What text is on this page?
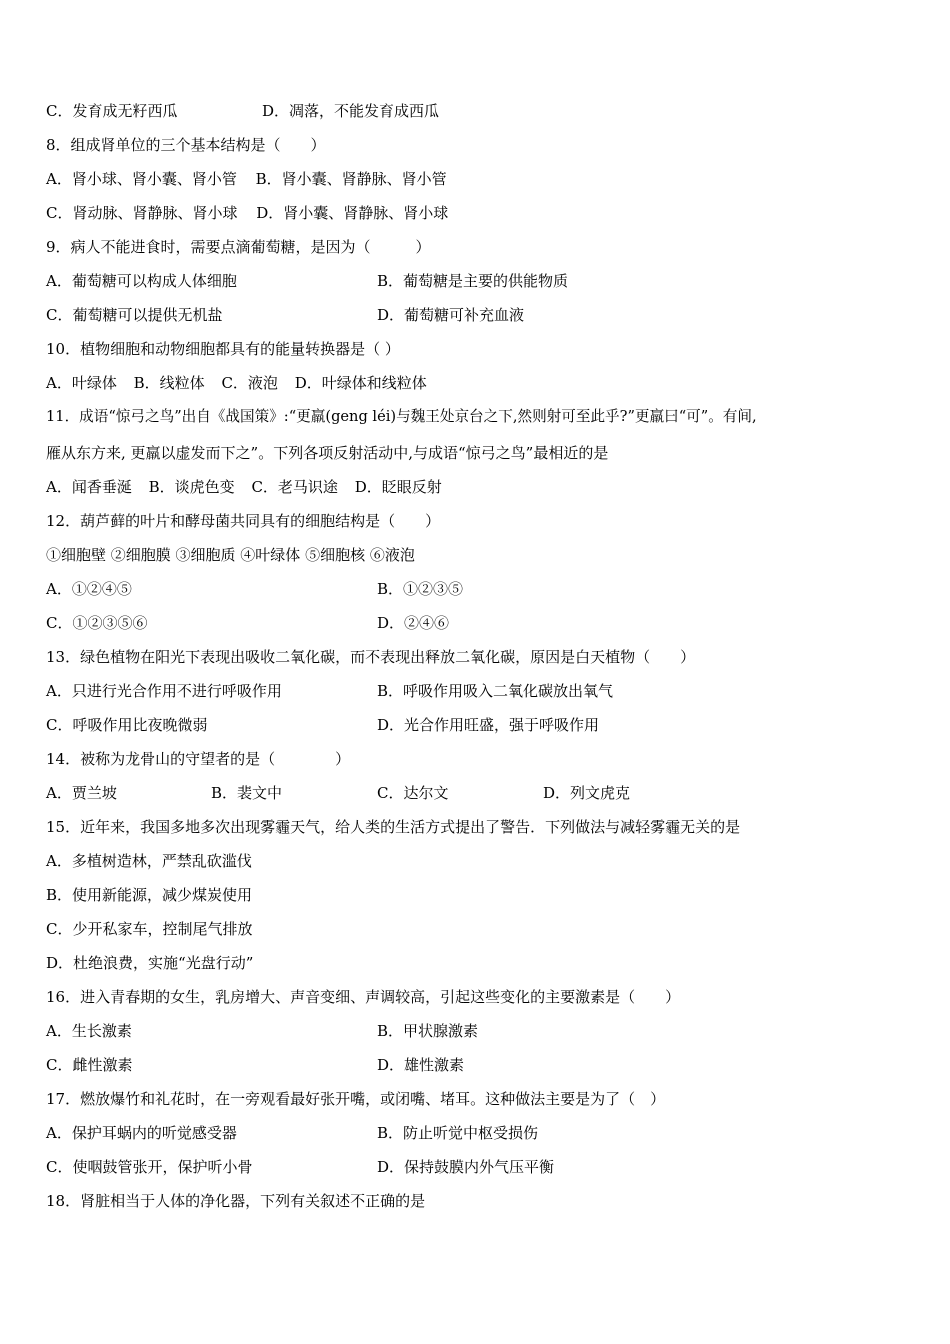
C．发育成无籽西瓜	D．凋落，不能发育成西瓜
8．组成肾单位的三个基本结构是（　　）
A．肾小球、肾小囊、肾小管 B．肾小囊、肾静脉、肾小管
C．肾动脉、肾静脉、肾小球 D．肾小囊、肾静脉、肾小球
9．病人不能进食时，需要点滴葡萄糖，是因为（　　　）
A．葡萄糖可以构成人体细胞	B．葡萄糖是主要的供能物质
C．葡萄糖可以提供无机盐	D．葡萄糖可补充血液
10．植物细胞和动物细胞都具有的能量转换器是（ ）
A．叶绿体 B．线粒体 C．液泡 D．叶绿体和线粒体
11．成语“惊弓之鸟”出自《战国策》:“更羸(geng léi)与魏王处京台之下,然则射可至此乎?”更羸曰“可”。有间,
雁从东方来, 更羸以虚发而下之”。下列各项反射活动中,与成语“惊弓之鸟”最相近的是
A．闻香垂涎 B．谈虎色变 C．老马识途 D．眨眼反射
12．葫芦藓的叶片和酵母菌共同具有的细胞结构是（　　）
①细胞壁 ②细胞膜 ③细胞质 ④叶绿体 ⑤细胞核 ⑥液泡
A．①②④⑤	B．①②③⑤
C．①②③⑤⑥	D．②④⑥
13．绿色植物在阳光下表现出吸收二氧化碳，而不表现出释放二氧化碳，原因是白天植物（　　）
A．只进行光合作用不进行呼吸作用	B．呼吸作用吸入二氧化碳放出氧气
C．呼吸作用比夜晚微弱	D．光合作用旺盛，强于呼吸作用
14．被称为龙骨山的守望者的是（　　　　）
A．贾兰坡	B．裴文中	C．达尔文	D．列文虎克
15．近年来，我国多地多次出现雾霾天气，给人类的生活方式提出了警告．下列做法与减轻雾霾无关的是
A．多植树造林，严禁乱砍滥伐
B．使用新能源，减少煤炭使用
C．少开私家车，控制尾气排放
D．杜绝浪费，实施“光盘行动”
16．进入青春期的女生，乳房增大、声音变细、声调较高，引起这些变化的主要激素是（　　）
A．生长激素	B．甲状腺激素
C．雌性激素	D．雄性激素
17．燃放爆竹和礼花时，在一旁观看最好张开嘴，或闭嘴、堵耳。这种做法主要是为了（　）
A．保护耳蜗内的听觉感受器	B．防止听觉中枢受损伤
C．使咽鼓管张开，保护听小骨	D．保持鼓膜内外气压平衡
18．肾脏相当于人体的净化器，下列有关叙述不正确的是
